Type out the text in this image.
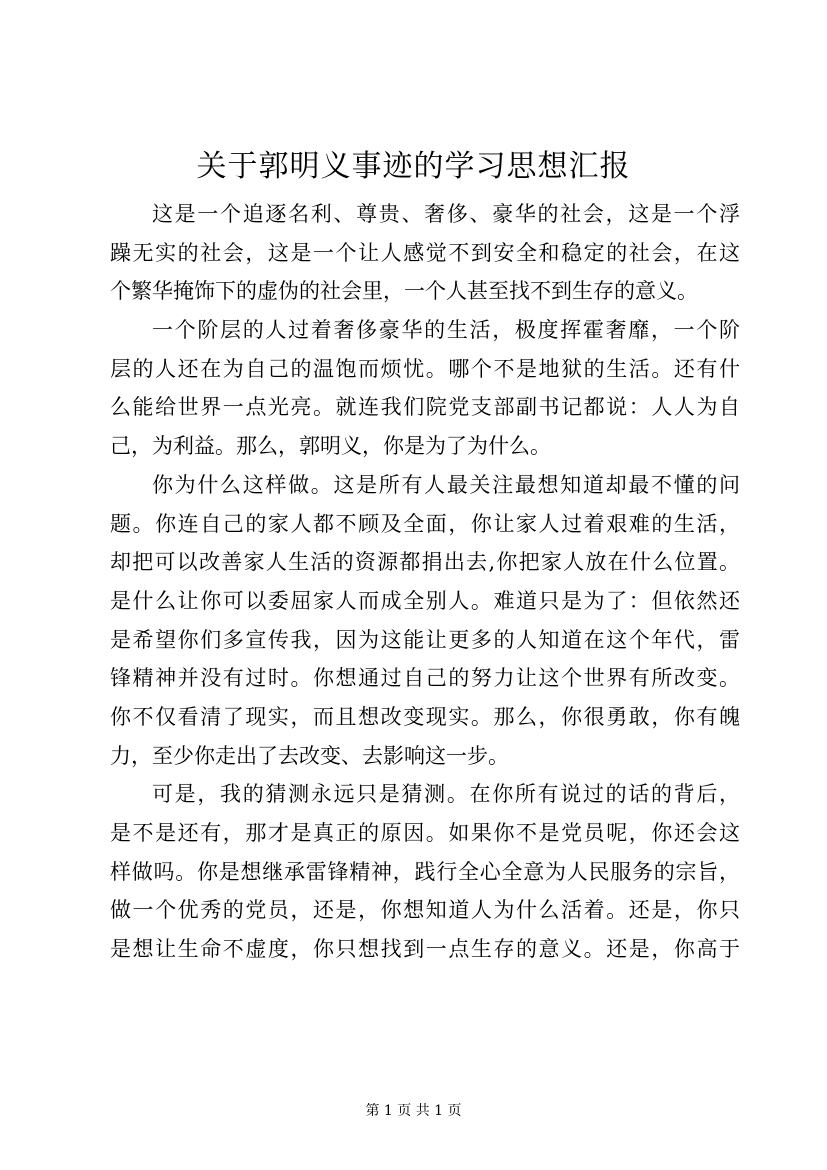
关于郭明义事迹的学习思想汇报
这是一个追逐名利、尊贵、奢侈、豪华的社会，这是一个浮
躁无实的社会，这是一个让人感觉不到安全和稳定的社会，在这
个繁华掩饰下的虚伪的社会里，一个人甚至找不到生存的意义。
一个阶层的人过着奢侈豪华的生活，极度挥霍奢靡，一个阶
层的人还在为自己的温饱而烦忧。哪个不是地狱的生活。还有什
么能给世界一点光亮。就连我们院党支部副书记都说：人人为自
己，为利益。那么，郭明义，你是为了为什么。
你为什么这样做。这是所有人最关注最想知道却最不懂的问
题。你连自己的家人都不顾及全面，你让家人过着艰难的生活，
却把可以改善家人生活的资源都捐出去,你把家人放在什么位置。
是什么让你可以委屈家人而成全别人。难道只是为了：但依然还
是希望你们多宣传我，因为这能让更多的人知道在这个年代，雷
锋精神并没有过时。你想通过自己的努力让这个世界有所改变。
你不仅看清了现实，而且想改变现实。那么，你很勇敢，你有魄
力，至少你走出了去改变、去影响这一步。
可是，我的猜测永远只是猜测。在你所有说过的话的背后，
是不是还有，那才是真正的原因。如果你不是党员呢，你还会这
样做吗。你是想继承雷锋精神，践行全心全意为人民服务的宗旨，
做一个优秀的党员，还是，你想知道人为什么活着。还是，你只
是想让生命不虚度，你只想找到一点生存的意义。还是，你高于
第 1 页 共 1 页
